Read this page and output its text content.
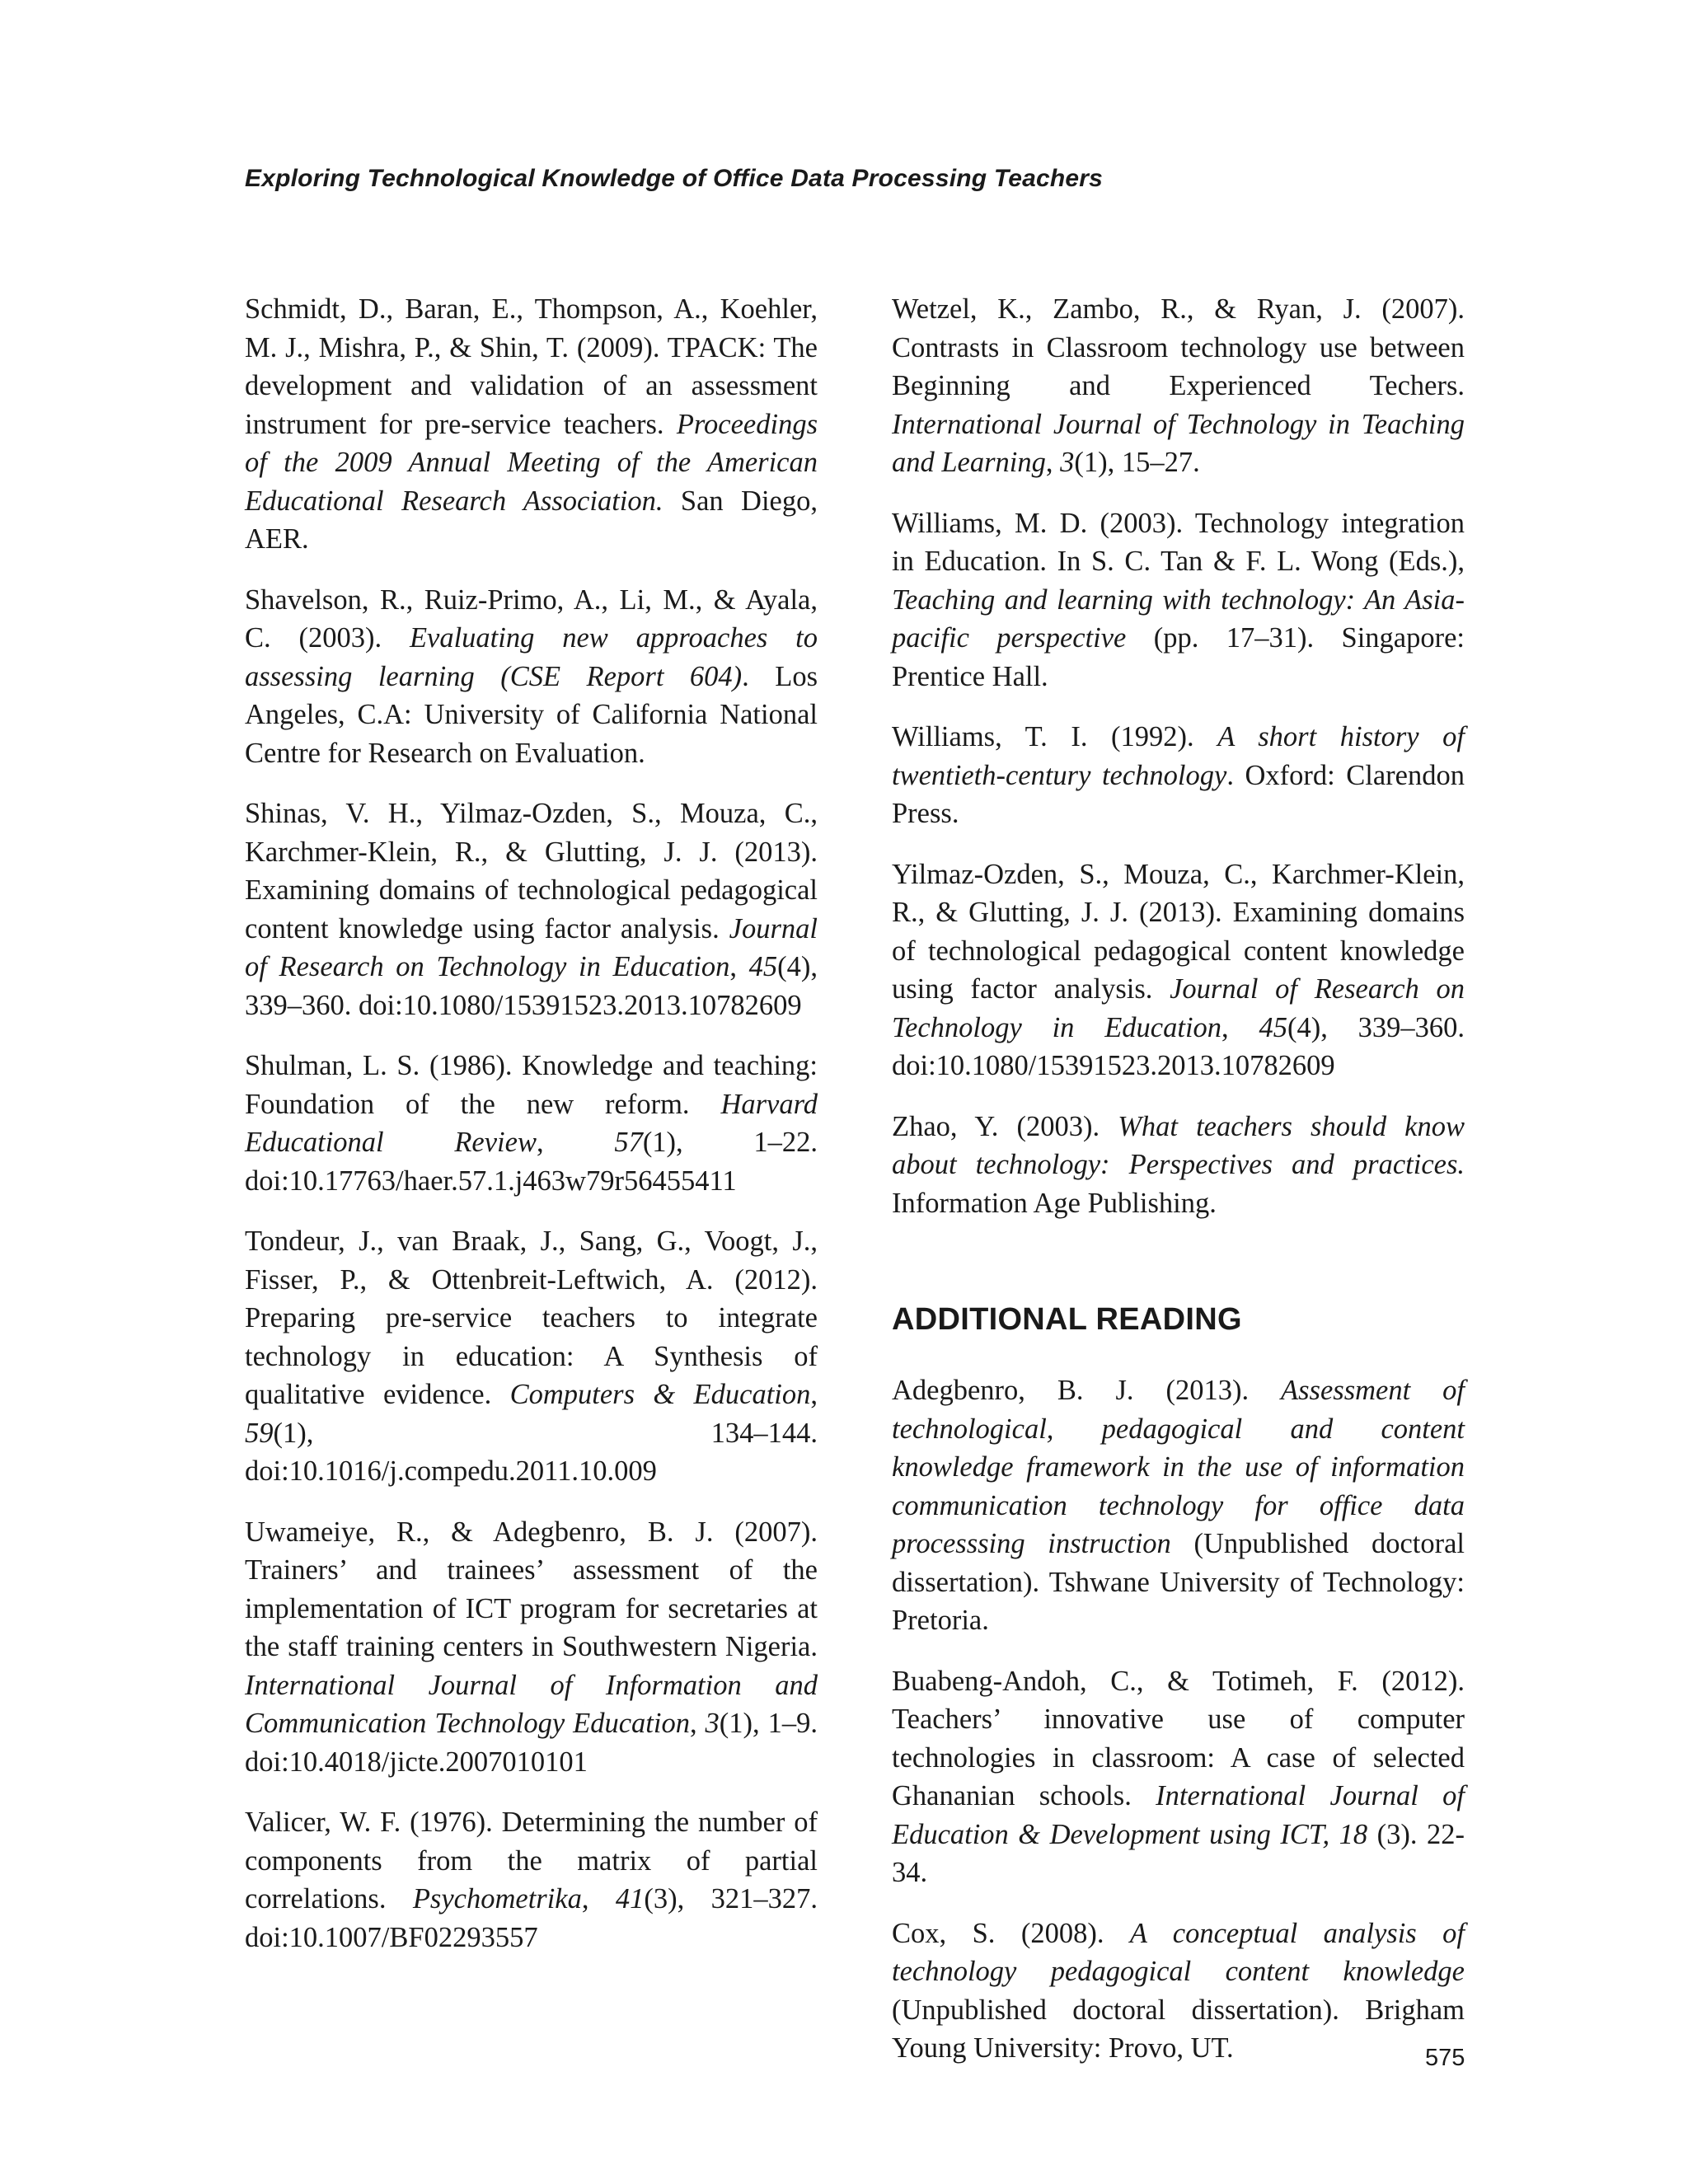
Exploring Technological Knowledge of Office Data Processing Teachers

Schmidt, D., Baran, E., Thompson, A., Koehler, M. J., Mishra, P., & Shin, T. (2009). TPACK: The development and validation of an assessment instrument for pre-service teachers. Proceedings of the 2009 Annual Meeting of the American Educational Research Association. San Diego, AER.

Shavelson, R., Ruiz-Primo, A., Li, M., & Ayala, C. (2003). Evaluating new approaches to assessing learning (CSE Report 604). Los Angeles, C.A: University of California National Centre for Research on Evaluation.

Shinas, V. H., Yilmaz-Ozden, S., Mouza, C., Karchmer-Klein, R., & Glutting, J. J. (2013). Examining domains of technological pedagogical content knowledge using factor analysis. Journal of Research on Technology in Education, 45(4), 339–360. doi:10.1080/15391523.2013.10782609

Shulman, L. S. (1986). Knowledge and teaching: Foundation of the new reform. Harvard Educational Review, 57(1), 1–22. doi:10.17763/haer.57.1.j463w79r56455411

Tondeur, J., van Braak, J., Sang, G., Voogt, J., Fisser, P., & Ottenbreit-Leftwich, A. (2012). Preparing pre-service teachers to integrate technology in education: A Synthesis of qualitative evidence. Computers & Education, 59(1), 134–144. doi:10.1016/j.compedu.2011.10.009

Uwameiye, R., & Adegbenro, B. J. (2007). Trainers’ and trainees’ assessment of the implementation of ICT program for secretaries at the staff training centers in Southwestern Nigeria. International Journal of Information and Communication Technology Education, 3(1), 1–9. doi:10.4018/jicte.2007010101

Valicer, W. F. (1976). Determining the number of components from the matrix of partial correlations. Psychometrika, 41(3), 321–327. doi:10.1007/BF02293557

Wetzel, K., Zambo, R., & Ryan, J. (2007). Contrasts in Classroom technology use between Beginning and Experienced Techers. International Journal of Technology in Teaching and Learning, 3(1), 15–27.

Williams, M. D. (2003). Technology integration in Education. In S. C. Tan & F. L. Wong (Eds.), Teaching and learning with technology: An Asia-pacific perspective (pp. 17–31). Singapore: Prentice Hall.

Williams, T. I. (1992). A short history of twentieth-century technology. Oxford: Clarendon Press.

Yilmaz-Ozden, S., Mouza, C., Karchmer-Klein, R., & Glutting, J. J. (2013). Examining domains of technological pedagogical content knowledge using factor analysis. Journal of Research on Technology in Education, 45(4), 339–360. doi:10.1080/15391523.2013.10782609

Zhao, Y. (2003). What teachers should know about technology: Perspectives and practices. Information Age Publishing.

ADDITIONAL READING

Adegbenro, B. J. (2013). Assessment of technological, pedagogical and content knowledge framework in the use of information communication technology for office data processsing instruction (Unpublished doctoral dissertation). Tshwane University of Technology: Pretoria.

Buabeng-Andoh, C., & Totimeh, F. (2012). Teachers’ innovative use of computer technologies in classroom: A case of selected Ghananian schools. International Journal of Education & Development using ICT, 18 (3). 22-34.

Cox, S. (2008). A conceptual analysis of technology pedagogical content knowledge (Unpublished doctoral dissertation). Brigham Young University: Provo, UT.	575
